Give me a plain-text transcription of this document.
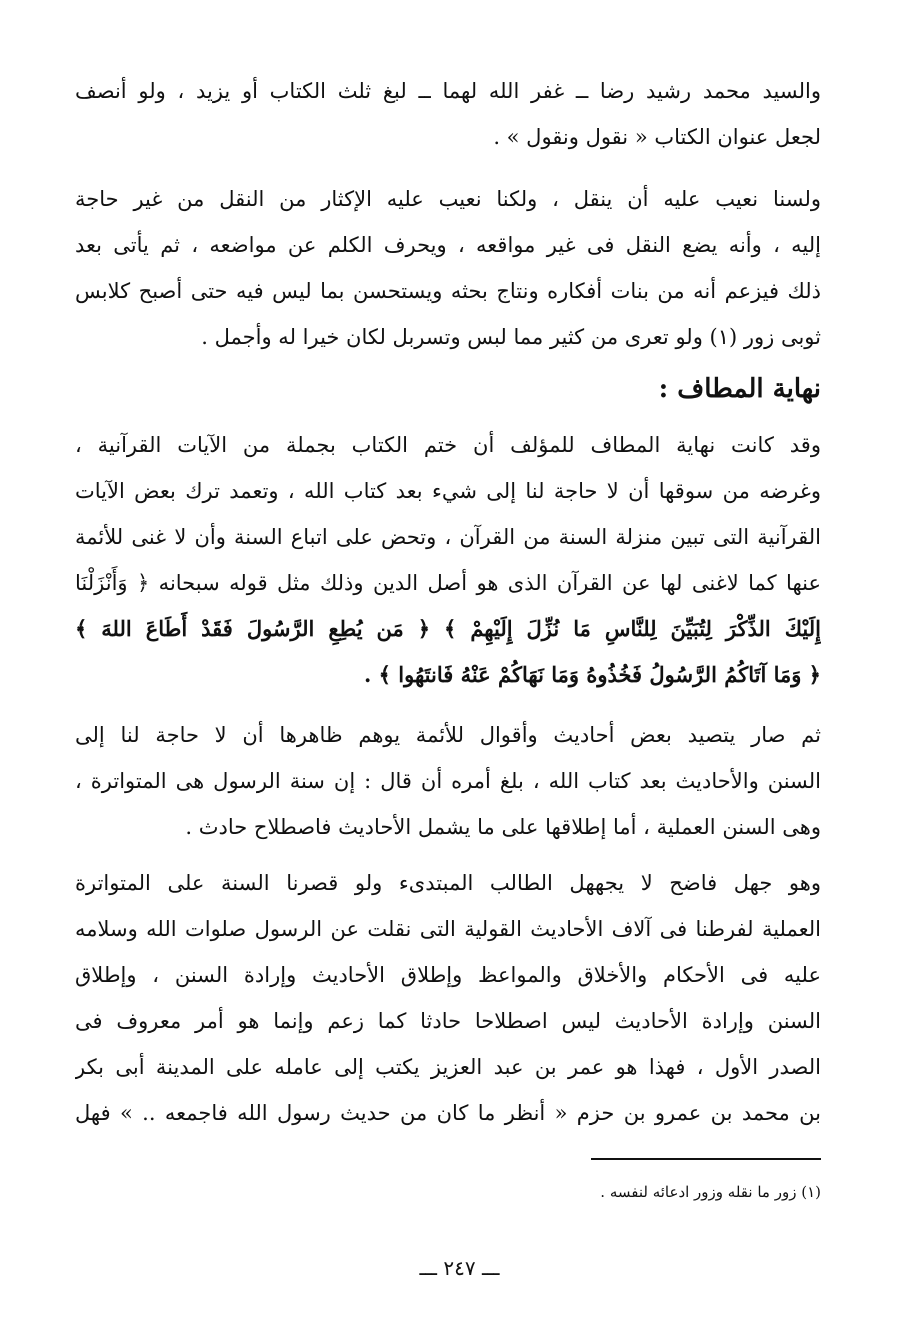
والسيد محمد رشيد رضا ــ غفر الله لهما ــ لبغ ثلث الكتاب أو يزيد ، ولو أنصف
لجعل عنوان الكتاب « نقول ونقول » .
ولسنا نعيب عليه أن ينقل ، ولكنا نعيب عليه الإكثار من النقل من غير حاجة
إليه ، وأنه يضع النقل فى غير مواقعه ، ويحرف الكلم عن مواضعه ، ثم يأتى بعد
ذلك فيزعم أنه من بنات أفكاره ونتاج بحثه ويستحسن بما ليس فيه حتى أصبح كلابس
ثوبى زور (١) ولو تعرى من كثير مما لبس وتسربل لكان خيرا له وأجمل .
نهاية المطاف :
وقد كانت نهاية المطاف للمؤلف أن ختم الكتاب بجملة من الآيات القرآنية ،
وغرضه من سوقها أن لا حاجة لنا إلى شيء بعد كتاب الله ، وتعمد ترك بعض الآيات
القرآنية التى تبين منزلة السنة من القرآن ، وتحض على اتباع السنة وأن لا غنى للأئمة
عنها كما لاغنى لها عن القرآن الذى هو أصل الدين وذلك مثل قوله سبحانه ﴿ وَأَنْزَلْنَا
إِلَيْكَ الذِّكْرَ لِتُبَيِّنَ لِلنَّاسِ مَا نُزِّلَ إِلَيْهِمْ ﴾ ﴿ مَن يُطِعِ الرَّسُولَ فَقَدْ أَطَاعَ اللهَ ﴾
﴿ وَمَا آتَاكُمُ الرَّسُولُ فَخُذُوهُ وَمَا نَهَاكُمْ عَنْهُ فَانتَهُوا ﴾ .
ثم صار يتصيد بعض أحاديث وأقوال للأئمة يوهم ظاهرها أن لا حاجة لنا إلى
السنن والأحاديث بعد كتاب الله ، بلغ أمره أن قال : إن سنة الرسول هى المتواترة ،
وهى السنن العملية ، أما إطلاقها على ما يشمل الأحاديث فاصطلاح حادث .
وهو جهل فاضح لا يجههل الطالب المبتدىء ولو قصرنا السنة على المتواترة
العملية لفرطنا فى آلاف الأحاديث القولية التى نقلت عن الرسول صلوات الله وسلامه
عليه فى الأحكام والأخلاق والمواعظ وإطلاق الأحاديث وإرادة السنن ، وإطلاق
السنن وإرادة الأحاديث ليس اصطلاحا حادثا كما زعم وإنما هو أمر معروف فى
الصدر الأول ، فهذا هو عمر بن عبد العزيز يكتب إلى عامله على المدينة أبى بكر
بن محمد بن عمرو بن حزم « أنظر ما كان من حديث رسول الله فاجمعه .. » فهل
(١) زور ما نقله وزور ادعائه لنفسه .
ـــ ٢٤٧ ـــ
